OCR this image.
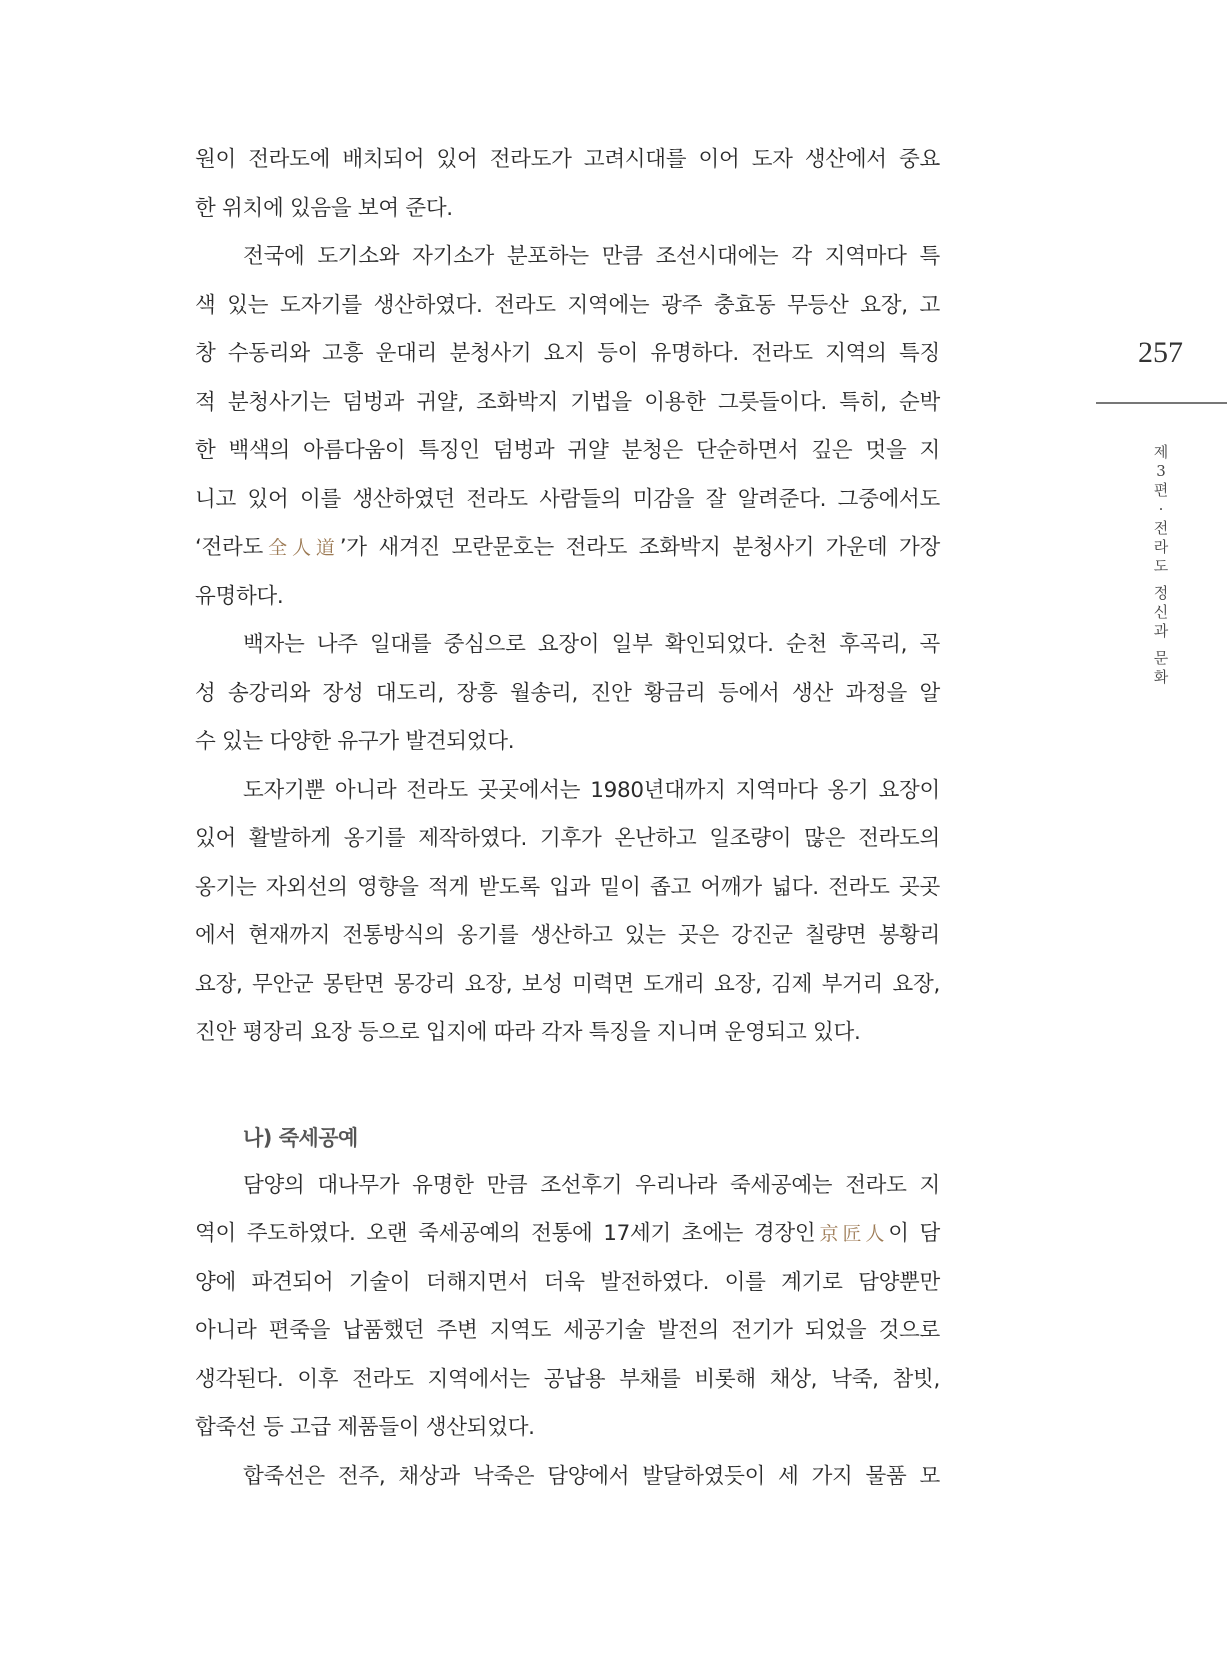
원이 전라도에 배치되어 있어 전라도가 고려시대를 이어 도자 생산에서 중요
한 위치에 있음을 보여 준다.
전국에 도기소와 자기소가 분포하는 만큼 조선시대에는 각 지역마다 특
색 있는 도자기를 생산하였다. 전라도 지역에는 광주 충효동 무등산 요장, 고
창 수동리와 고흥 운대리 분청사기 요지 등이 유명하다. 전라도 지역의 특징
적 분청사기는 덤벙과 귀얄, 조화박지 기법을 이용한 그릇들이다. 특히, 순박
한 백색의 아름다움이 특징인 덤벙과 귀얄 분청은 단순하면서 깊은 멋을 지
니고 있어 이를 생산하였던 전라도 사람들의 미감을 잘 알려준다. 그중에서도
‘전라도全⼈道’가 새겨진 모란문호는 전라도 조화박지 분청사기 가운데 가장
유명하다.
백자는 나주 일대를 중심으로 요장이 일부 확인되었다. 순천 후곡리, 곡
성 송강리와 장성 대도리, 장흥 월송리, 진안 황금리 등에서 생산 과정을 알
수 있는 다양한 유구가 발견되었다.
도자기뿐 아니라 전라도 곳곳에서는 1980년대까지 지역마다 옹기 요장이
있어 활발하게 옹기를 제작하였다. 기후가 온난하고 일조량이 많은 전라도의
옹기는 자외선의 영향을 적게 받도록 입과 밑이 좁고 어깨가 넓다. 전라도 곳곳
에서 현재까지 전통방식의 옹기를 생산하고 있는 곳은 강진군 칠량면 봉황리
요장, 무안군 몽탄면 몽강리 요장, 보성 미력면 도개리 요장, 김제 부거리 요장,
진안 평장리 요장 등으로 입지에 따라 각자 특징을 지니며 운영되고 있다.
나) 죽세공예
담양의 대나무가 유명한 만큼 조선후기 우리나라 죽세공예는 전라도 지
역이 주도하였다. 오랜 죽세공예의 전통에 17세기 초에는 경장인京匠人이 담
양에 파견되어 기술이 더해지면서 더욱 발전하였다. 이를 계기로 담양뿐만
아니라 편죽을 납품했던 주변 지역도 세공기술 발전의 전기가 되었을 것으로
생각된다. 이후 전라도 지역에서는 공납용 부채를 비롯해 채상, 낙죽, 참빗,
합죽선 등 고급 제품들이 생산되었다.
합죽선은 전주, 채상과 낙죽은 담양에서 발달하였듯이 세 가지 물품 모
257
제
3
편
·
전
라
도
정
신
과
문
화
